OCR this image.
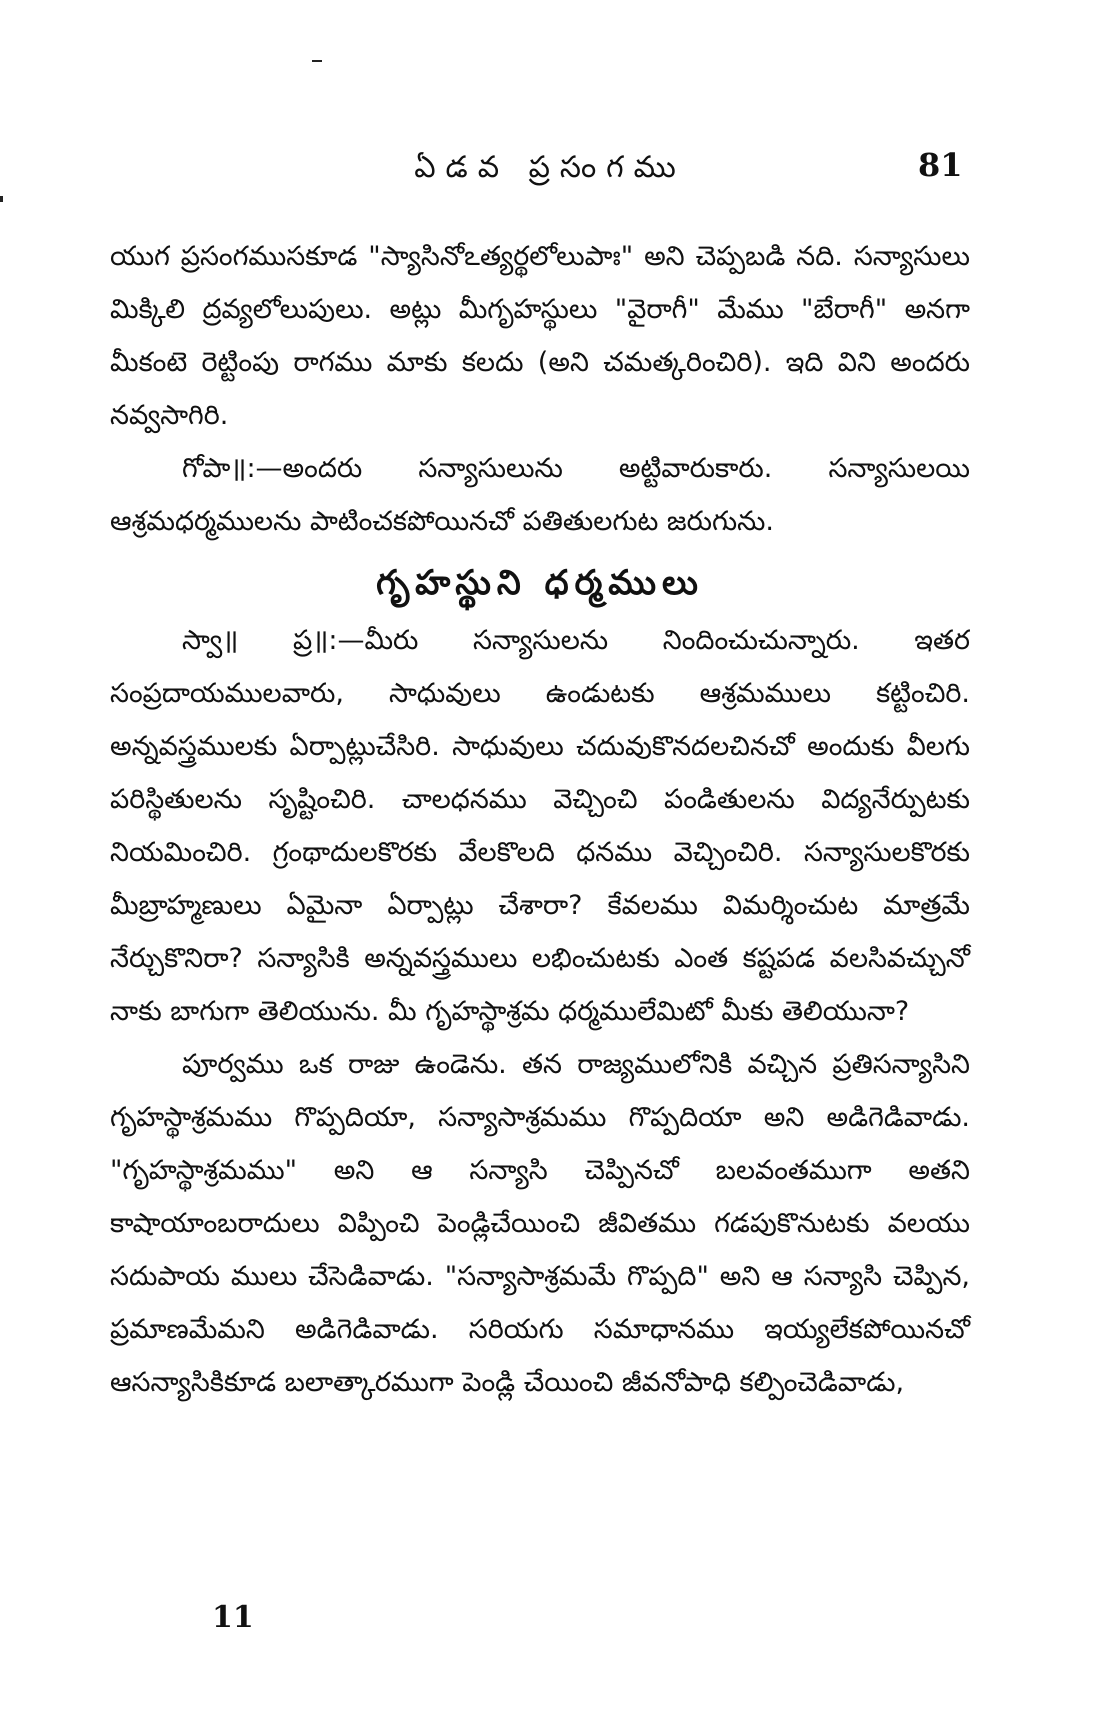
ఏడవ ప్రసంగము	81

యుగ ప్రసంగముసకూడ "స్యాసినోఽత్యర్థలోలుపాః" అని చెప్పబడి నది. సన్యాసులు మిక్కిలి ద్రవ్యలోలుపులు. అట్లు మీగృహస్థులు "వైరాగీ" మేము "బేరాగీ" అనగా మీకంటె రెట్టింపు రాగము మాకు కలదు (అని చమత్కరించిరి). ఇది విని అందరు నవ్వసాగిరి.

గోపా॥:—అందరు సన్యాసులును అట్టివారుకారు. సన్యాసులయి ఆశ్రమధర్మములను పాటించకపోయినచో పతితులగుట జరుగును.

గృహస్థుని ధర్మములు

స్వా॥ ప్ర॥:—మీరు సన్యాసులను నిందించుచున్నారు. ఇతర సంప్రదాయములవారు, సాధువులు ఉండుటకు ఆశ్రమములు కట్టించిరి. అన్నవస్త్రములకు ఏర్పాట్లుచేసిరి. సాధువులు చదువుకొనదలచినచో అందుకు వీలగు పరిస్థితులను సృష్టించిరి. చాలధనము వెచ్చించి పండితులను విద్యనేర్పుటకు నియమించిరి. గ్రంథాదులకొరకు వేలకొలది ధనము వెచ్చించిరి. సన్యాసులకొరకు మీబ్రాహ్మణులు ఏమైనా ఏర్పాట్లు చేశారా? కేవలము విమర్శించుట మాత్రమే నేర్చుకొనిరా? సన్యాసికి అన్నవస్త్రములు లభించుటకు ఎంత కష్టపడ వలసివచ్చునో నాకు బాగుగా తెలియును. మీ గృహస్థాశ్రమ ధర్మములేమిటో మీకు తెలియునా?

పూర్వము ఒక రాజు ఉండెను. తన రాజ్యములోనికి వచ్చిన ప్రతిసన్యాసిని గృహస్థాశ్రమము గొప్పదియా, సన్యాసాశ్రమము గొప్పదియా అని అడిగెడివాడు. "గృహస్థాశ్రమము" అని ఆ సన్యాసి చెప్పినచో బలవంతముగా అతని కాషాయాంబరాదులు విప్పించి పెండ్లిచేయించి జీవితము గడపుకొనుటకు వలయు సదుపాయ ములు చేసెడివాడు. "సన్యాసాశ్రమమే గొప్పది" అని ఆ సన్యాసి చెప్పిన, ప్రమాణమేమని అడిగెడివాడు. సరియగు సమాధానము ఇయ్యలేకపోయినచో ఆసన్యాసికికూడ బలాత్కారముగా పెండ్లి చేయించి జీవనోపాధి కల్పించెడివాడు,

11
